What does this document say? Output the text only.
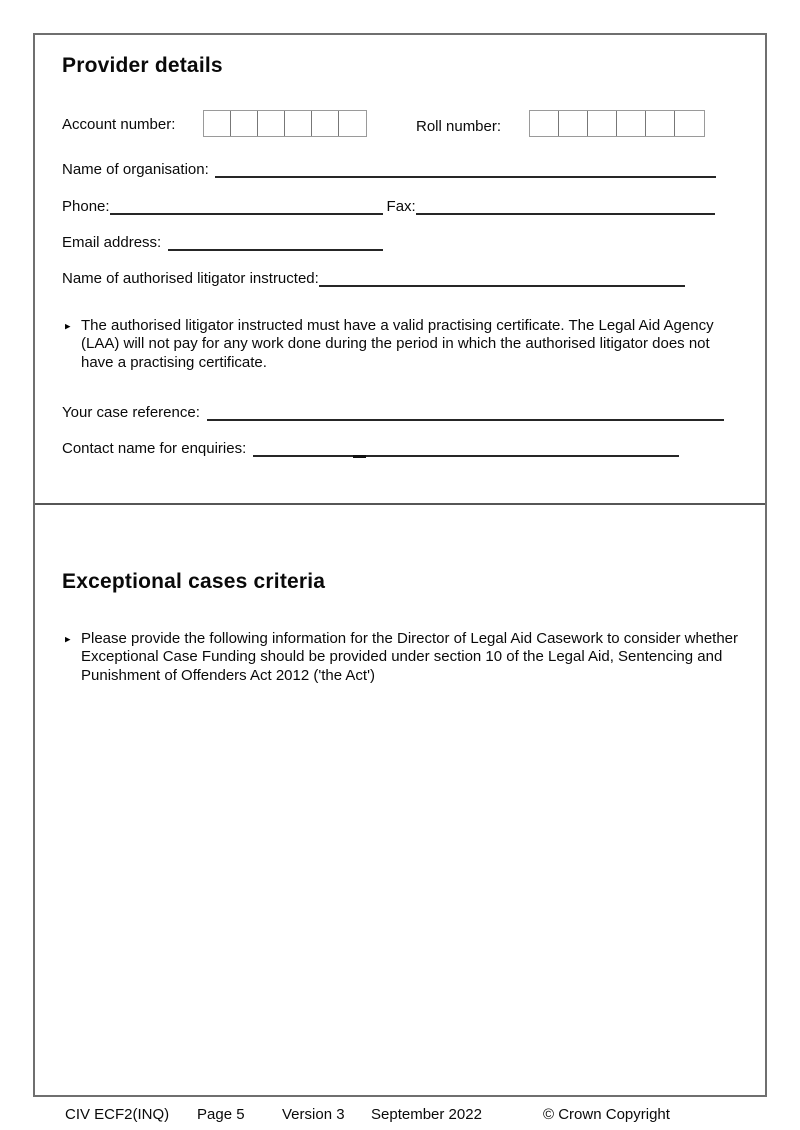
Provider details
Account number:	Roll number:
Name of organisation:
Phone:	Fax:
Email address:
Name of authorised litigator instructed:
▸ The authorised litigator instructed must have a valid practising certificate. The Legal Aid Agency (LAA) will not pay for any work done during the period in which the authorised litigator does not have a practising certificate.
Your case reference:
Contact name for enquiries:
Exceptional cases criteria
▸ Please provide the following information for the Director of Legal Aid Casework to consider whether Exceptional Case Funding should be provided under section 10 of the Legal Aid, Sentencing and Punishment of Offenders Act 2012 ('the Act')
CIV ECF2(INQ) Page 5 Version 3 September 2022	© Crown Copyright
